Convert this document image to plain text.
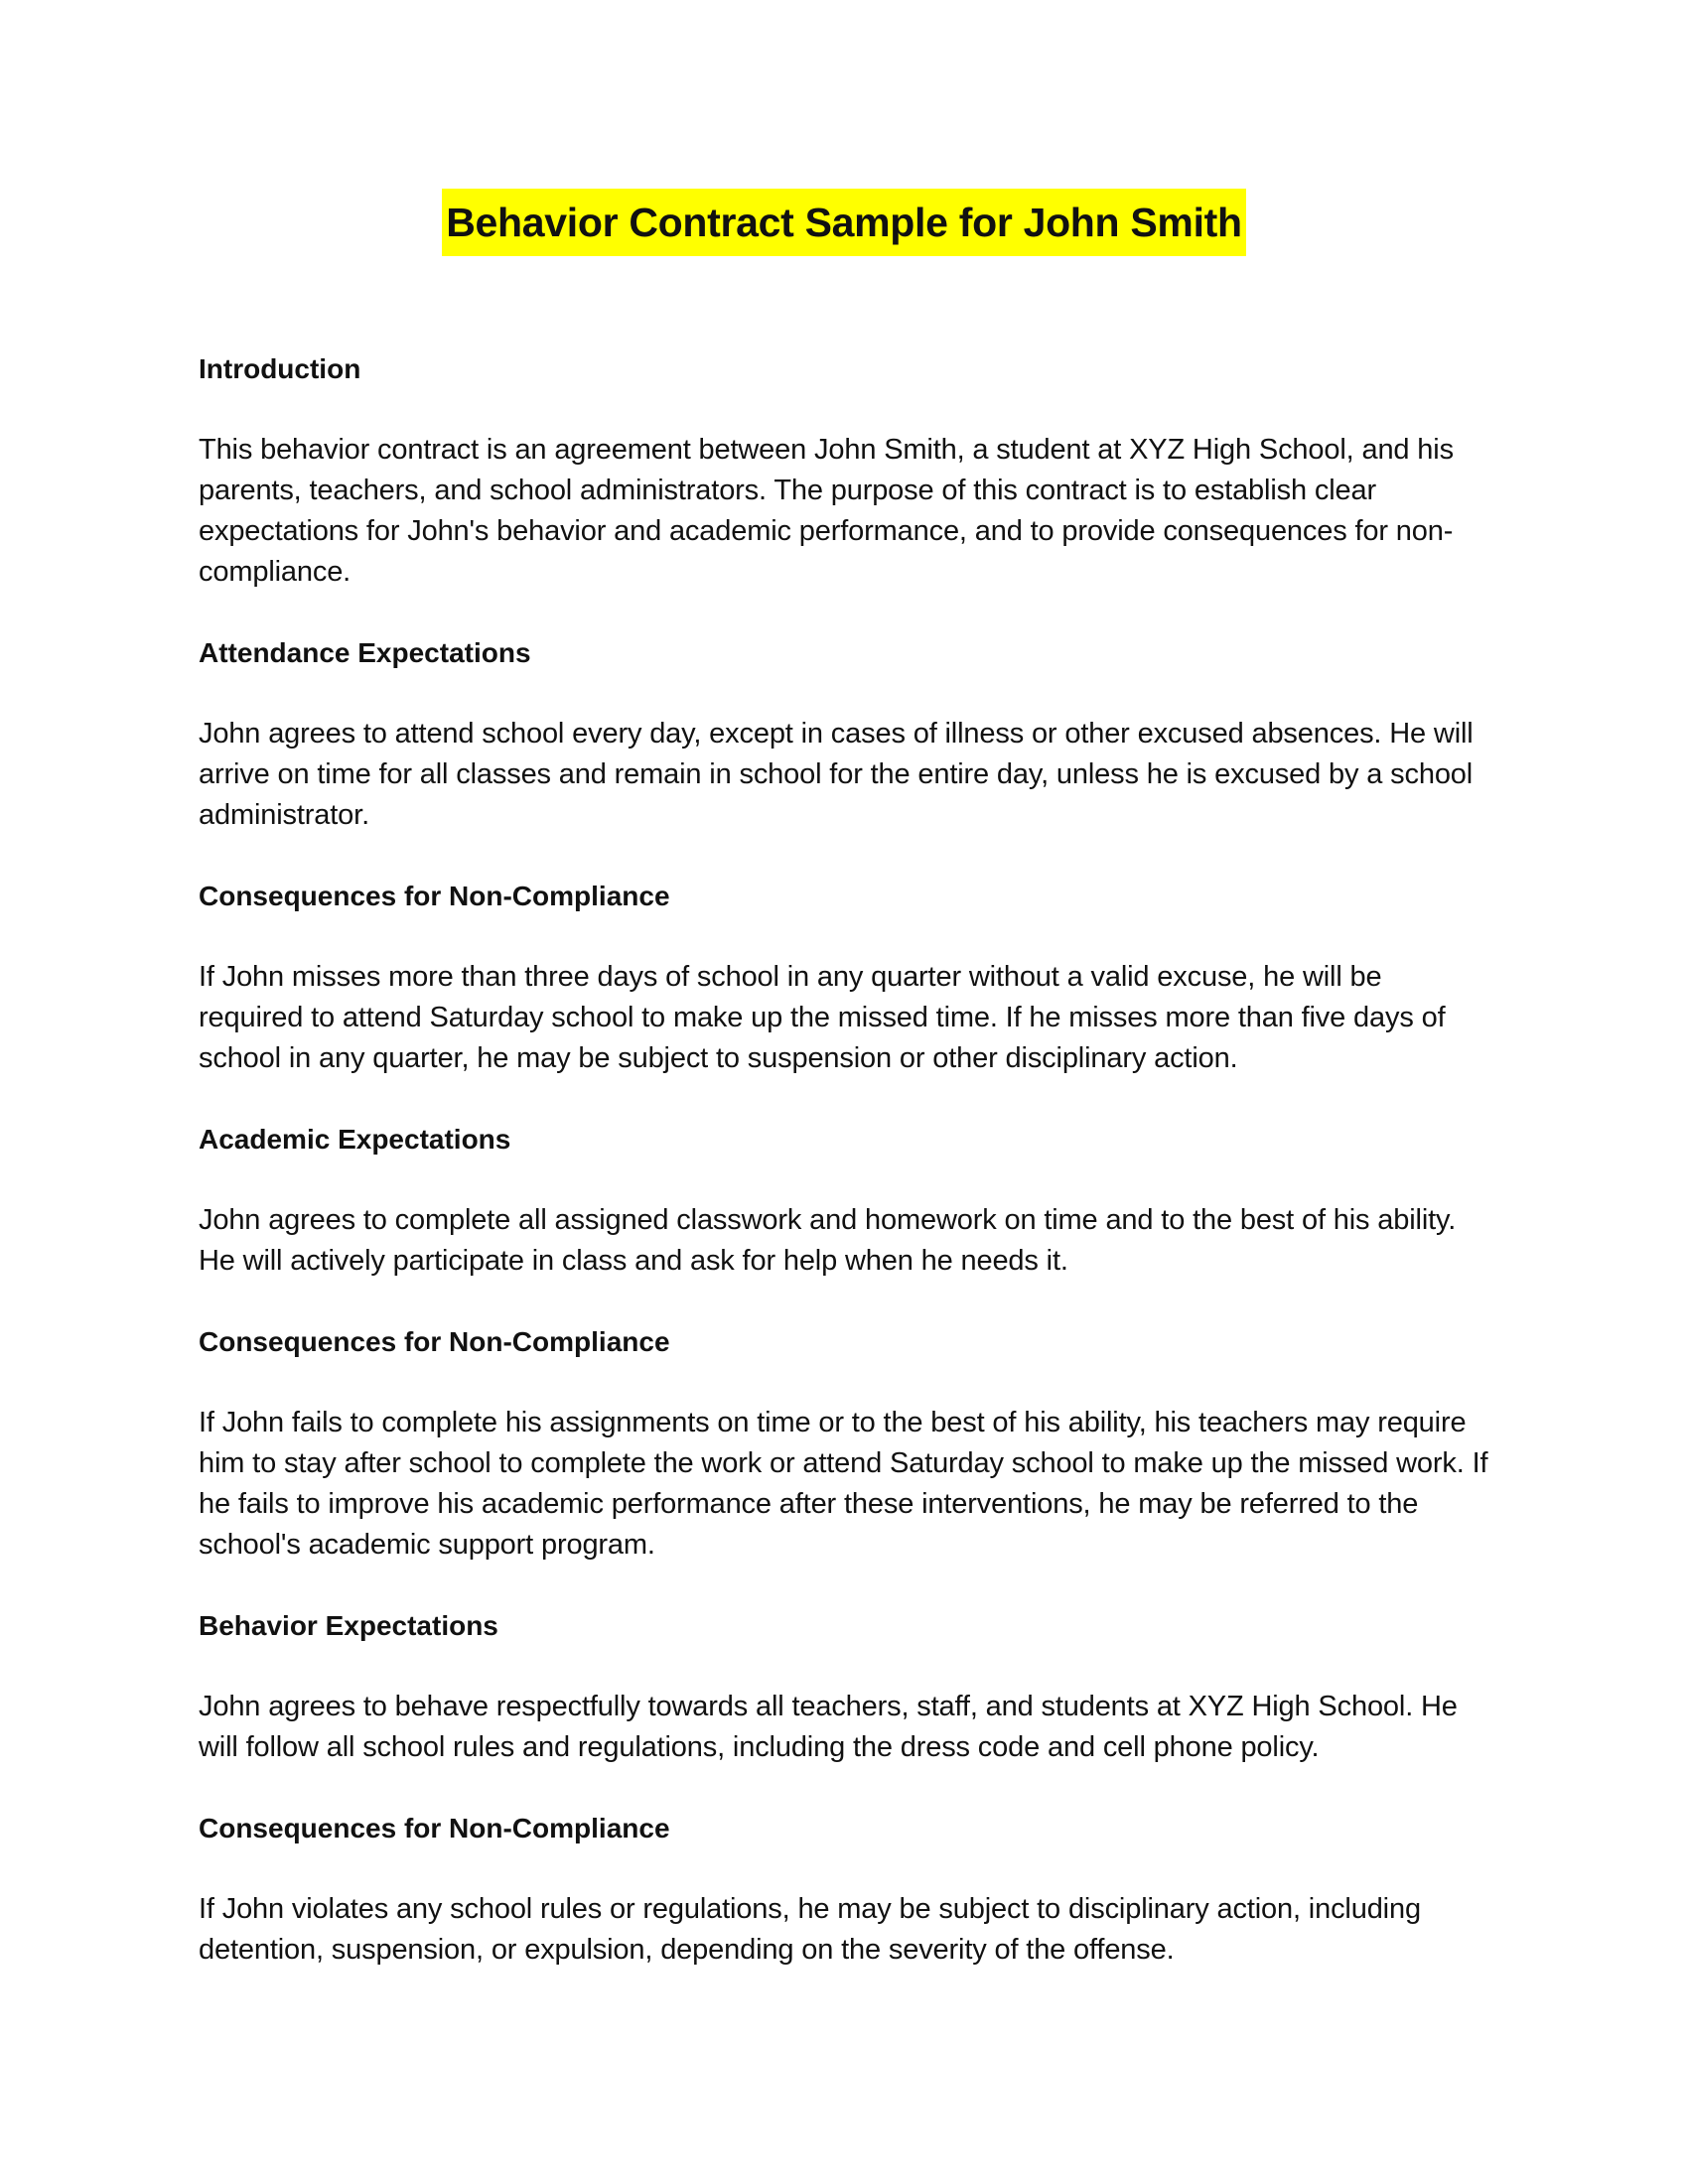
Behavior Contract Sample for John Smith
Introduction
This behavior contract is an agreement between John Smith, a student at XYZ High School, and his parents, teachers, and school administrators. The purpose of this contract is to establish clear expectations for John's behavior and academic performance, and to provide consequences for non-compliance.
Attendance Expectations
John agrees to attend school every day, except in cases of illness or other excused absences. He will arrive on time for all classes and remain in school for the entire day, unless he is excused by a school administrator.
Consequences for Non-Compliance
If John misses more than three days of school in any quarter without a valid excuse, he will be required to attend Saturday school to make up the missed time. If he misses more than five days of school in any quarter, he may be subject to suspension or other disciplinary action.
Academic Expectations
John agrees to complete all assigned classwork and homework on time and to the best of his ability. He will actively participate in class and ask for help when he needs it.
Consequences for Non-Compliance
If John fails to complete his assignments on time or to the best of his ability, his teachers may require him to stay after school to complete the work or attend Saturday school to make up the missed work. If he fails to improve his academic performance after these interventions, he may be referred to the school's academic support program.
Behavior Expectations
John agrees to behave respectfully towards all teachers, staff, and students at XYZ High School. He will follow all school rules and regulations, including the dress code and cell phone policy.
Consequences for Non-Compliance
If John violates any school rules or regulations, he may be subject to disciplinary action, including detention, suspension, or expulsion, depending on the severity of the offense.
